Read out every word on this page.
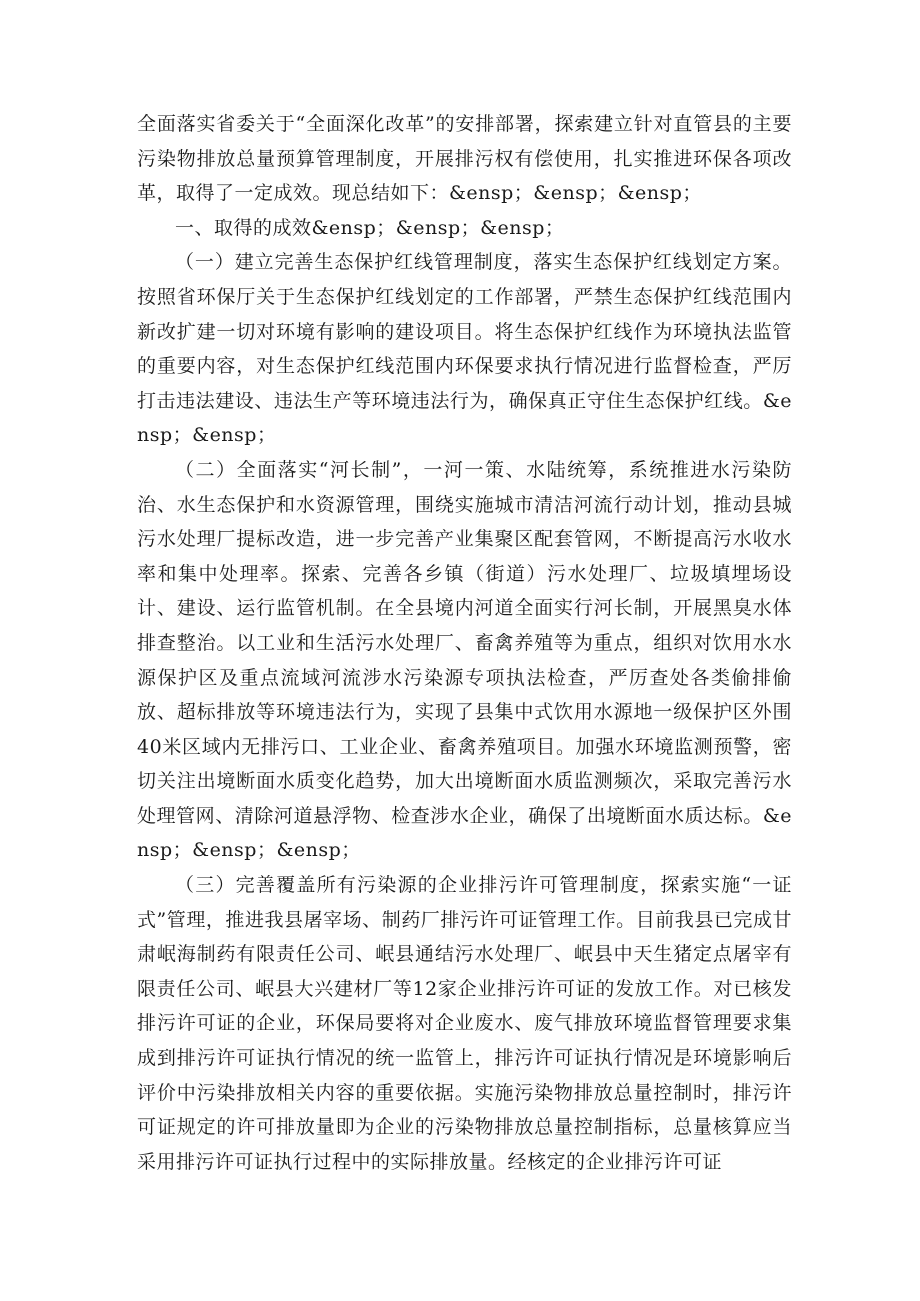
全面落实省委关于“全面深化改革”的安排部署，探索建立针对直管县的主要污染物排放总量预算管理制度，开展排污权有偿使用，扎实推进环保各项改革，取得了一定成效。现总结如下：&ensp；&ensp；&ensp；

一、取得的成效&ensp；&ensp；&ensp；

（一）建立完善生态保护红线管理制度，落实生态保护红线划定方案。按照省环保厅关于生态保护红线划定的工作部署，严禁生态保护红线范围内新改扩建一切对环境有影响的建设项目。将生态保护红线作为环境执法监管的重要内容，对生态保护红线范围内环保要求执行情况进行监督检查，严厉打击违法建设、违法生产等环境违法行为，确保真正守住生态保护红线。&ensp；&ensp；

（二）全面落实“河长制”，一河一策、水陆统筹，系统推进水污染防治、水生态保护和水资源管理，围绕实施城市清洁河流行动计划，推动县城污水处理厂提标改造，进一步完善产业集聚区配套管网，不断提高污水收水率和集中处理率。探索、完善各乡镇（街道）污水处理厂、垃圾填埋场设计、建设、运行监管机制。在全县境内河道全面实行河长制，开展黑臭水体排查整治。以工业和生活污水处理厂、畜禽养殖等为重点，组织对饮用水水源保护区及重点流域河流涉水污染源专项执法检查，严厉查处各类偷排偷放、超标排放等环境违法行为，实现了县集中式饮用水源地一级保护区外围40米区域内无排污口、工业企业、畜禽养殖项目。加强水环境监测预警，密切关注出境断面水质变化趋势，加大出境断面水质监测频次，采取完善污水处理管网、清除河道悬浮物、检查涉水企业，确保了出境断面水质达标。&ensp；&ensp；&ensp；

（三）完善覆盖所有污染源的企业排污许可管理制度，探索实施“一证式”管理，推进我县屠宰场、制药厂排污许可证管理工作。目前我县已完成甘肃岷海制药有限责任公司、岷县通结污水处理厂、岷县中天生猪定点屠宰有限责任公司、岷县大兴建材厂等12家企业排污许可证的发放工作。对已核发排污许可证的企业，环保局要将对企业废水、废气排放环境监督管理要求集成到排污许可证执行情况的统一监管上，排污许可证执行情况是环境影响后评价中污染排放相关内容的重要依据。实施污染物排放总量控制时，排污许可证规定的许可排放量即为企业的污染物排放总量控制指标，总量核算应当采用排污许可证执行过程中的实际排放量。经核定的企业排污许可证
